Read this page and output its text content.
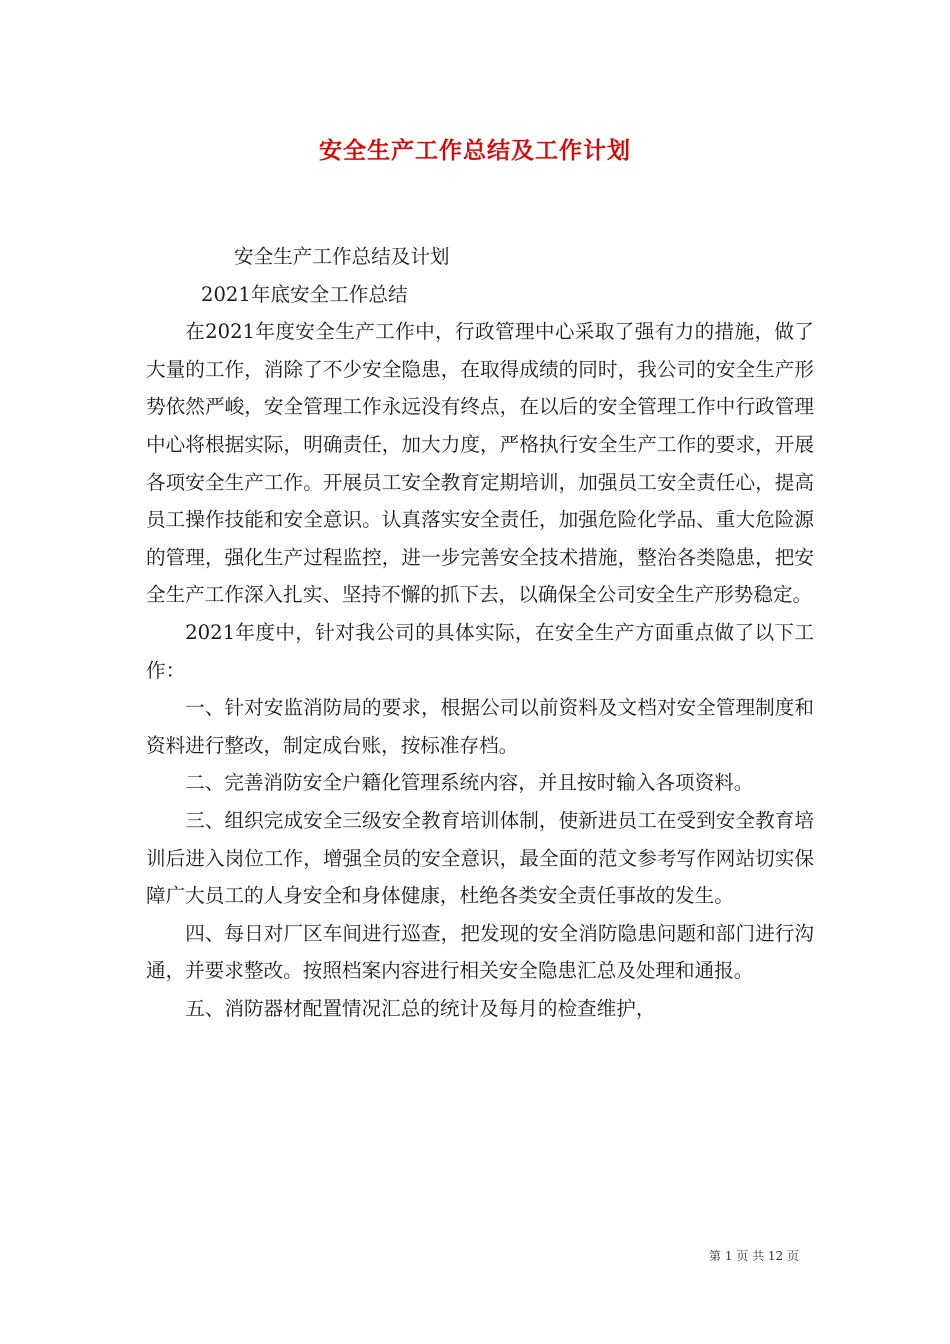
安全生产工作总结及工作计划

安全生产工作总结及计划

2021年底安全工作总结

在2021年度安全生产工作中，行政管理中心采取了强有力的措施，做了大量的工作，消除了不少安全隐患，在取得成绩的同时，我公司的安全生产形势依然严峻，安全管理工作永远没有终点，在以后的安全管理工作中行政管理中心将根据实际，明确责任，加大力度，严格执行安全生产工作的要求，开展各项安全生产工作。开展员工安全教育定期培训，加强员工安全责任心，提高员工操作技能和安全意识。认真落实安全责任，加强危险化学品、重大危险源的管理，强化生产过程监控，进一步完善安全技术措施，整治各类隐患，把安全生产工作深入扎实、坚持不懈的抓下去，以确保全公司安全生产形势稳定。

2021年度中，针对我公司的具体实际，在安全生产方面重点做了以下工作：

一、针对安监消防局的要求，根据公司以前资料及文档对安全管理制度和资料进行整改，制定成台账，按标准存档。

二、完善消防安全户籍化管理系统内容，并且按时输入各项资料。

三、组织完成安全三级安全教育培训体制，使新进员工在受到安全教育培训后进入岗位工作，增强全员的安全意识，最全面的范文参考写作网站切实保障广大员工的人身安全和身体健康，杜绝各类安全责任事故的发生。

四、每日对厂区车间进行巡查，把发现的安全消防隐患问题和部门进行沟通，并要求整改。按照档案内容进行相关安全隐患汇总及处理和通报。

五、消防器材配置情况汇总的统计及每月的检查维护，

第 1 页 共 12 页
